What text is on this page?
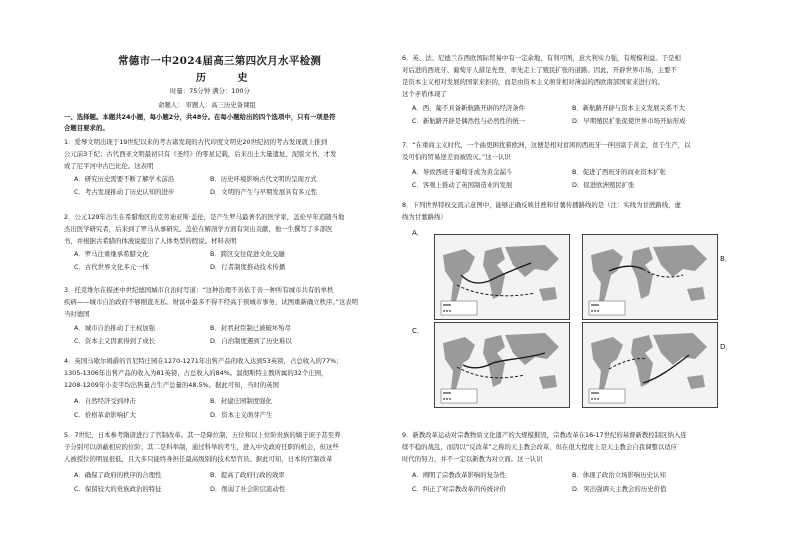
常德市一中2024届高三第四次月水平检测
历 史
时量：75分钟 满分：100分
命题人： 审题人：高三历史备课组
一、选择题。本题共24小题，每小题2分，共48分。在每小题给出的四个选项中，只有一项是符
合题目要求的。
1．爱琴文明出现于19世纪以来的考古诸发现的古代印度文明史20世纪初的考古发现就上推到
公元前3千纪；古代西亚文明最初只有《圣经》的零星记载，后来出土大量遗址、泥版文书，才发
或了尼平河中古巴比伦。这表明
A．研究历史需要不断了解学术前沿	B．历史环境影响古代文明的呈现方式
C．考古发现推动了历史认知的进步	D．文明的产生与早期发展具有多元性
2．公元129年出生在希腊地区的克劳迪亚斯·盖伦，是产生罗马最著名的医学家，盖伦早年追随当地
杰出医学研究者，后来到了罗马从事研究。盖伦在解剖学方面有突出贡献，他一生撰写了多部医
书，并根据古希腊的体液说提出了人体类型的假说。材料表明
A．罗马注重继承希腊文化	B．跨区交往促进文化交融
C．古代世界文化多元一体	D．行者制度推动技术传播
3．托克维尔在描述中世纪德国城市自治时写道：“这种治理不善依于善一种所有城市共有的单秩
疾病——城市自治政府不够刚直无私。财富中最多不得不经高于预城市事务，试图重新确立秩序。”这表明
当时德国
A．城市自治推动了王权加强	B．封君封臣制已被破坏殆尽
C．资本主义因素得到了成长	D．自治制度遇到了历史难以
4．英国马歇尔姆爵的肯尼特庄园在1270-1271年出售产品的收入达到53英镑，占总收入的77%；
1305-1306年出售产品的收入为81英镑，占总收入的84%。温彻斯特主教所属的32个庄园，
1208-1209年小麦平均出售量占生产总量的48.5%。据此可知，当时的英国
A．自然经济受到冲击	B．封建庄园制度强化
C．价格革命影响扩大	D．资本主义萌芽产生
5．7世纪，日本参考隋唐进行了官制改革。其一是降位制，五位和以上位阶贵族的嫡子庶子甚至养
子分别可以荫蔽相应的位阶；其二是科举制，通过科举的考生，进入中央政府任职的机会，但这些
人被授位的明显很低，且大多只能终身担任最高级别的技术型官员。据此可知，日本的官制改革
A．确保了政府的秩序的合理性	B．提高了政府行政的效率
C．保留较大的贵族政治的特征	D．削弱了社会阶层流动性
6．英、法、尼德兰在西欧国际贸易中有一定余地，有利可图，意大利实力强，有规模利益。于是相
对后进的西班牙、葡萄牙人措足先登，率先走上了殖民扩张的道路。因此，开辟世界市场，主要不
是资本主义相对发展的国家来拒的，而是由资本主义萌芽相对薄弱的西欧南部国家来进行的。
这个矛盾体现了
A．西、葡不具备新航路开辟的经济条件	B．新航路开辟与资本主义发展关系不大
C．新航路开辟是偶然性与必然性的统一	D．早期殖民扩张促使世界市场开始形成
7．“在重商主义时代，一个曲更困扰着欧洲，这便是相对贫困的西班牙一伴回富于黄金，贫于生产，以
及可怕的贸易逆差而被毁灭。”这一认识
A．导致西班牙葡萄牙成为黄金漏斗	B．促进了西班牙的商业资本扩张
C．客观上推动了英国制造业的发展	D．促进欧洲殖民扩张
8．下列世界特权交流示意图中，能够正确反映甘蔗和甘薯传播路线的是（注：实线为甘蔗路线，虚
线为甘薯路线）
A．
B．
C．
D．
9．新教改革运动对宗教物质文化遗产的大规模摧毁，宗教改革在16-17世纪的基督新教控制区纳入连
续不稳的战乱，而因以“反改革”之称的天主教会改革，但在很大程度上是天主教会自我调整以适应
时代的努力，并不一定以新教为对立面。这一认识
A．阐明了宗教改革影响的复杂性	B．体现了政治立场影响历史认知
C．纠正了对宗教改革的传统评价	D．突出强调天主教会的历史价值
